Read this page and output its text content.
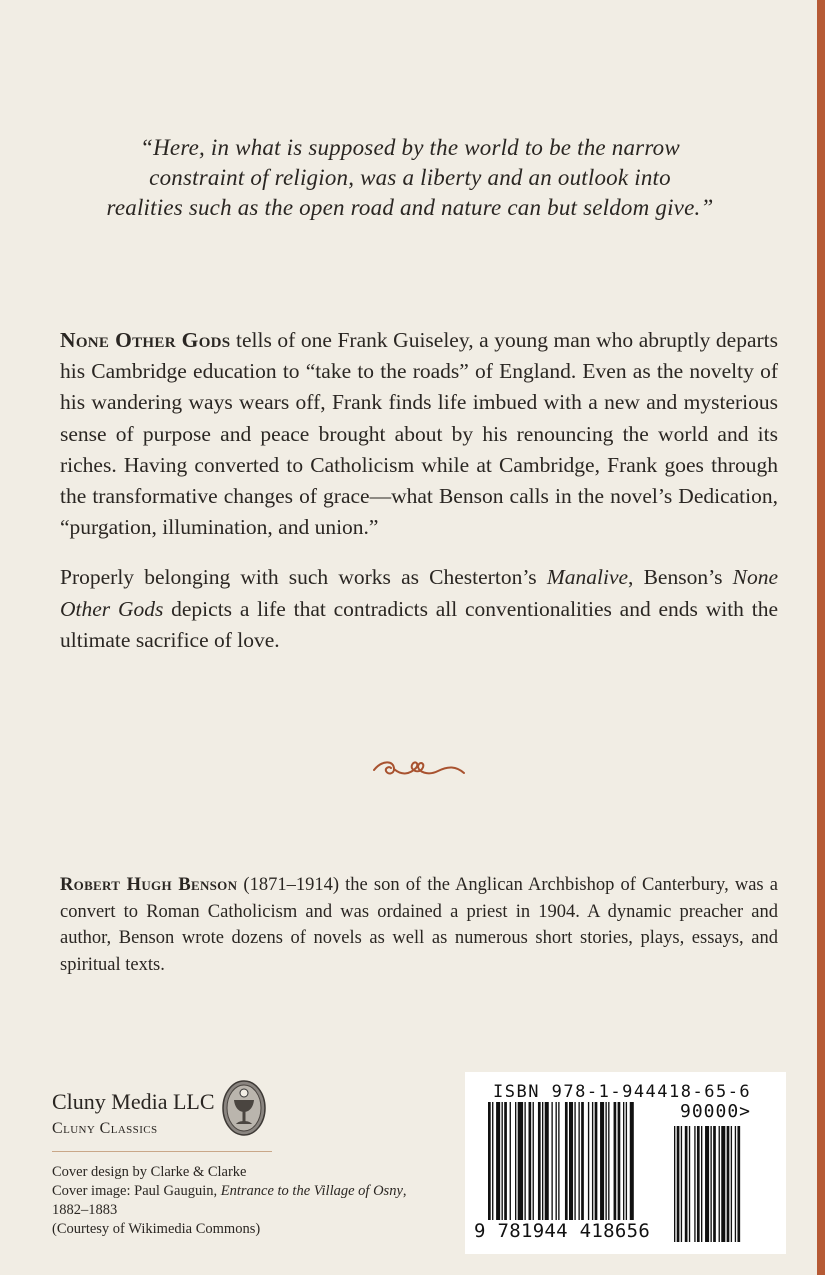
“Here, in what is supposed by the world to be the narrow

constraint of religion, was a liberty and an outlook into

realities such as the open road and nature can but seldom give.”

None Other Gods tells of one Frank Guiseley, a young man who abruptly departs his Cambridge education to “take to the roads” of England. Even as the novelty of his wandering ways wears off, Frank finds life imbued with a new and mysterious sense of purpose and peace brought about by his renouncing the world and its riches. Having converted to Catholicism while at Cambridge, Frank goes through the transformative changes of grace—what Benson calls in the novel’s Dedication, “purgation, illumination, and union.”

Properly belonging with such works as Chesterton’s Manalive, Benson’s None Other Gods depicts a life that contradicts all conventionalities and ends with the ultimate sacrifice of love.

Robert Hugh Benson (1871–1914) the son of the Anglican Archbishop of Canterbury, was a convert to Roman Catholicism and was ordained a priest in 1904. A dynamic preacher and author, Benson wrote dozens of novels as well as numerous short stories, plays, essays, and spiritual texts.

Cluny Media LLC
Cluny Classics
Cover design by Clarke & Clarke
Cover image: Paul Gauguin, Entrance to the Village of Osny,
1882–1883
(Courtesy of Wikimedia Commons)
ISBN 978-1-944418-65-6
90000>
9 781944 418656
